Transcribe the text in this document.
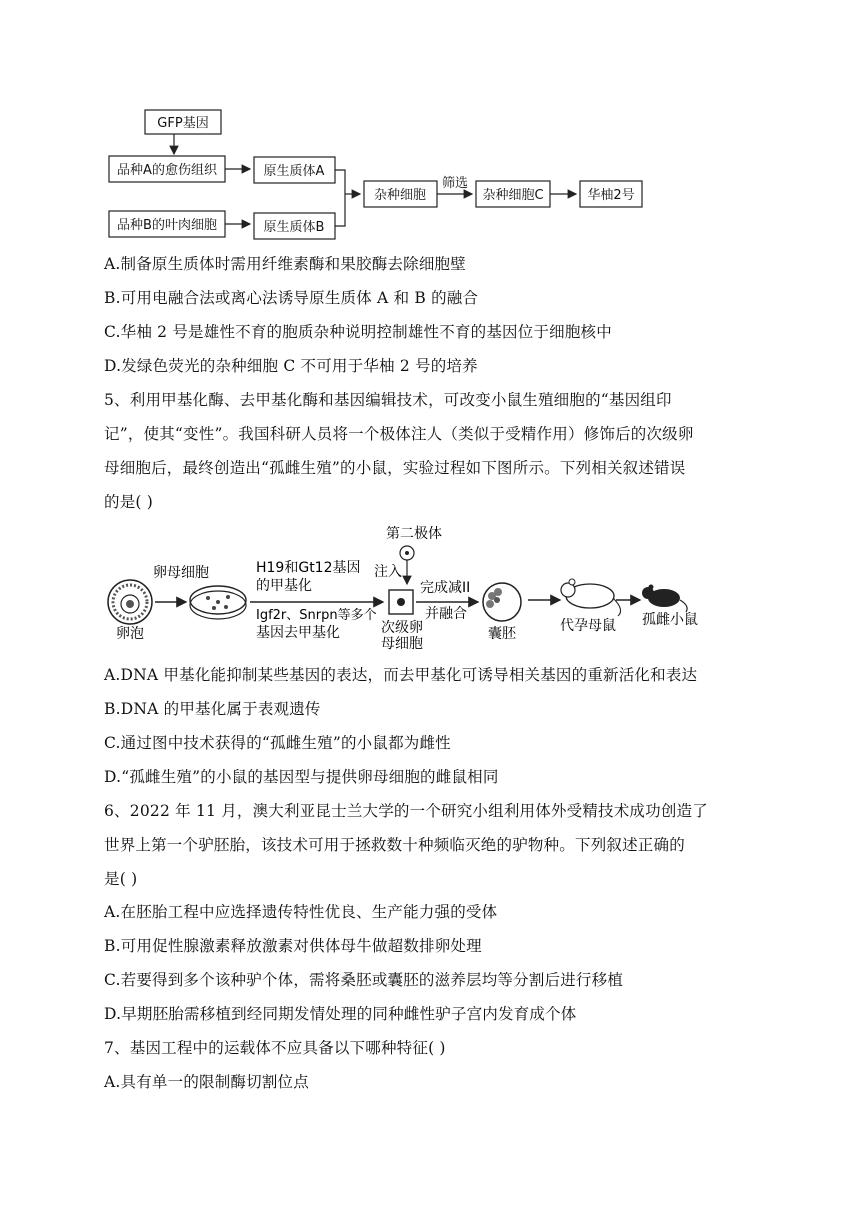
GFP基因
品种A的愈伤组织
品种B的叶肉细胞
原生质体A
原生质体B
杂种细胞
筛选
杂种细胞C	华柚2号
A.制备原生质体时需用纤维素酶和果胶酶去除细胞壁
B.可用电融合法或离心法诱导原生质体 A 和 B 的融合
C.华柚 2 号是雄性不育的胞质杂种说明控制雄性不育的基因位于细胞核中
D.发绿色荧光的杂种细胞 C 不可用于华柚 2 号的培养
5、利用甲基化酶、去甲基化酶和基因编辑技术，可改变小鼠生殖细胞的“基因组印
记”，使其“变性”。我国科研人员将一个极体注人（类似于受精作用）修饰后的次级卵
母细胞后，最终创造出“孤雌生殖”的小鼠，实验过程如下图所示。下列相关叙述错误
的是( )
卵母细胞
卵泡
H19和Gt12基因
的甲基化
Igf2r、Snrpn等多个
基因去甲基化
第二极体
注入
次级卵
母细胞
完成减II
并融合
囊胚	代孕母鼠 孤雌小鼠
A.DNA 甲基化能抑制某些基因的表达，而去甲基化可诱导相关基因的重新活化和表达
B.DNA 的甲基化属于表观遗传
C.通过图中技术获得的“孤雌生殖”的小鼠都为雌性
D.“孤雌生殖”的小鼠的基因型与提供卵母细胞的雌鼠相同
6、2022 年 11 月，澳大利亚昆士兰大学的一个研究小组利用体外受精技术成功创造了
世界上第一个驴胚胎，该技术可用于拯救数十种频临灭绝的驴物种。下列叙述正确的
是( )
A.在胚胎工程中应选择遗传特性优良、生产能力强的受体
B.可用促性腺激素释放激素对供体母牛做超数排卵处理
C.若要得到多个该种驴个体，需将桑胚或囊胚的滋养层均等分割后进行移植
D.早期胚胎需移植到经同期发情处理的同种雌性驴子宫内发育成个体
7、基因工程中的运载体不应具备以下哪种特征( )
A.具有单一的限制酶切割位点
